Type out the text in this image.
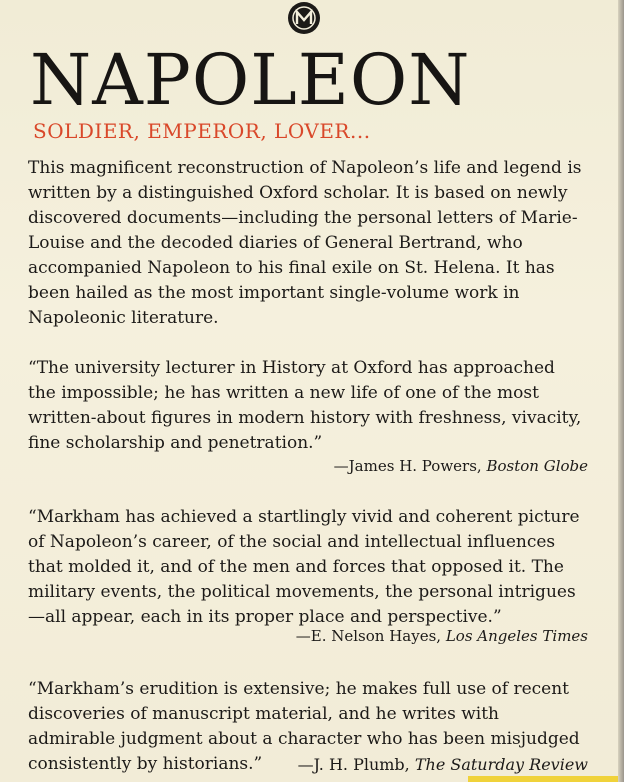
NAPOLEON

SOLDIER, EMPEROR, LOVER...

This magnificent reconstruction of Napoleon’s life and legend is written by a distinguished Oxford scholar. It is based on newly discovered documents—including the personal letters of Marie-Louise and the decoded diaries of General Bertrand, who accompanied Napoleon to his final exile on St. Helena. It has been hailed as the most important single-volume work in Napoleonic literature.

“The university lecturer in History at Oxford has approached the impossible; he has written a new life of one of the most written-about figures in modern history with freshness, vivacity, fine scholarship and penetration.”

—James H. Powers, Boston Globe

“Markham has achieved a startlingly vivid and coherent picture of Napoleon’s career, of the social and intellectual influences that molded it, and of the men and forces that opposed it. The military events, the political movements, the personal intrigues—all appear, each in its proper place and perspective.”

—E. Nelson Hayes, Los Angeles Times

“Markham’s erudition is extensive; he makes full use of recent discoveries of manuscript material, and he writes with admirable judgment about a character who has been misjudged consistently by historians.” —J. H. Plumb, The Saturday Review
